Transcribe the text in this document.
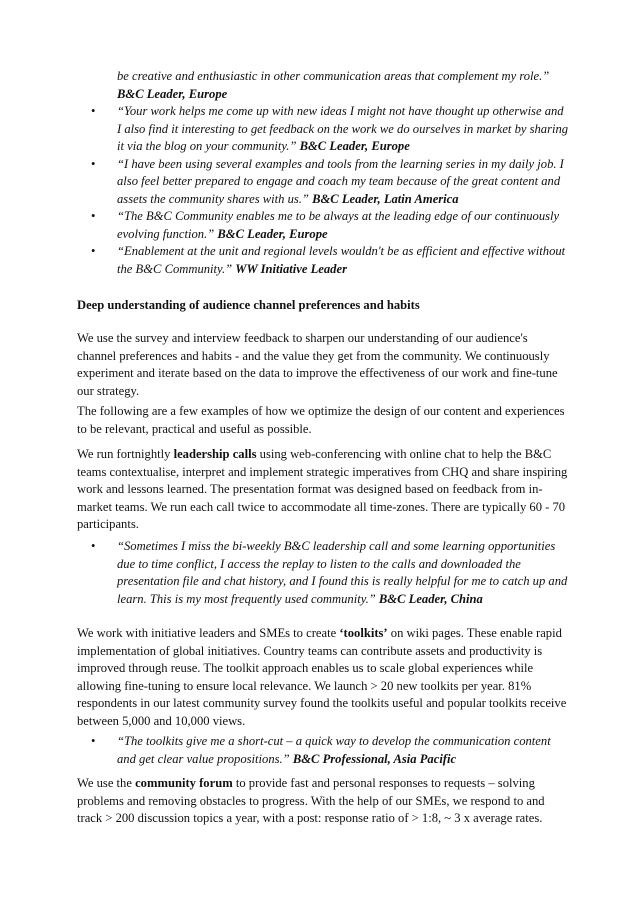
be creative and enthusiastic in other communication areas that complement my role.” B&C Leader, Europe

• “Your work helps me come up with new ideas I might not have thought up otherwise and I also find it interesting to get feedback on the work we do ourselves in market by sharing it via the blog on your community.” B&C Leader, Europe

• “I have been using several examples and tools from the learning series in my daily job. I also feel better prepared to engage and coach my team because of the great content and assets the community shares with us.” B&C Leader, Latin America

• “The B&C Community enables me to be always at the leading edge of our continuously evolving function.” B&C Leader, Europe

• “Enablement at the unit and regional levels wouldn't be as efficient and effective without the B&C Community.” WW Initiative Leader

Deep understanding of audience channel preferences and habits

We use the survey and interview feedback to sharpen our understanding of our audience's channel preferences and habits - and the value they get from the community. We continuously experiment and iterate based on the data to improve the effectiveness of our work and fine-tune our strategy.

The following are a few examples of how we optimize the design of our content and experiences to be relevant, practical and useful as possible.

We run fortnightly leadership calls using web-conferencing with online chat to help the B&C teams contextualise, interpret and implement strategic imperatives from CHQ and share inspiring work and lessons learned. The presentation format was designed based on feedback from in-market teams. We run each call twice to accommodate all time-zones. There are typically 60 - 70 participants.

• “Sometimes I miss the bi-weekly B&C leadership call and some learning opportunities due to time conflict, I access the replay to listen to the calls and downloaded the presentation file and chat history, and I found this is really helpful for me to catch up and learn. This is my most frequently used community.” B&C Leader, China

We work with initiative leaders and SMEs to create ‘toolkits’ on wiki pages. These enable rapid implementation of global initiatives. Country teams can contribute assets and productivity is improved through reuse. The toolkit approach enables us to scale global experiences while allowing fine-tuning to ensure local relevance. We launch > 20 new toolkits per year. 81% respondents in our latest community survey found the toolkits useful and popular toolkits receive between 5,000 and 10,000 views.

• “The toolkits give me a short-cut – a quick way to develop the communication content and get clear value propositions.” B&C Professional, Asia Pacific

We use the community forum to provide fast and personal responses to requests – solving problems and removing obstacles to progress. With the help of our SMEs, we respond to and track > 200 discussion topics a year, with a post: response ratio of > 1:8, ~ 3 x average rates.
